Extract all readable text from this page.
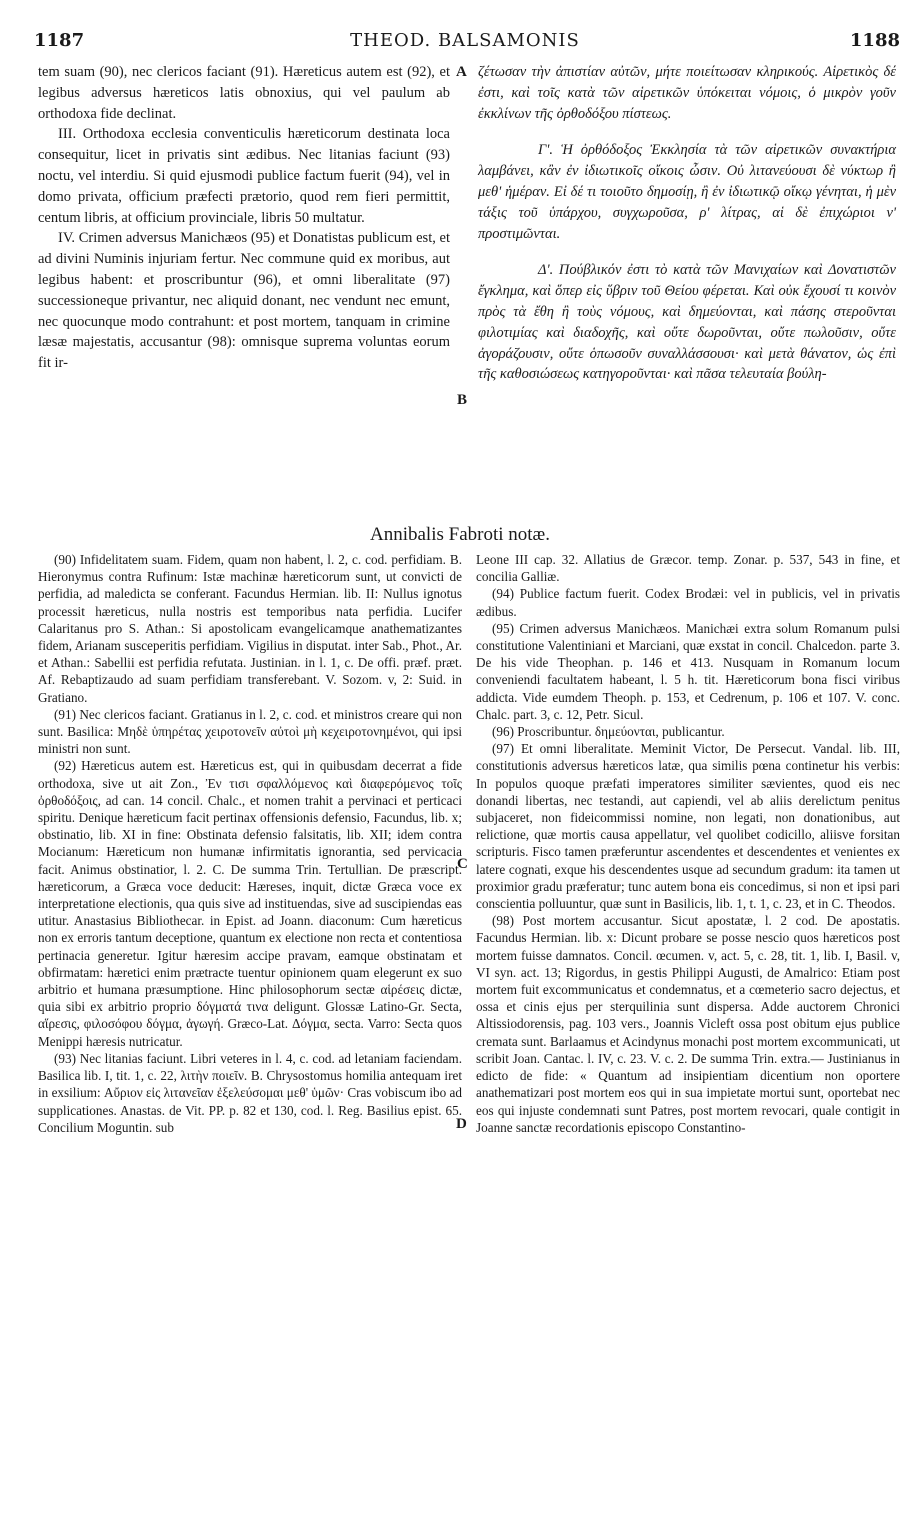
1187	THEOD. BALSAMONIS	1188

tem suam (90), nec clericos faciant (91). Hæreticus autem est (92), et legibus adversus hæreticos latis obnoxius, qui vel paulum ab orthodoxa fide declinat.

III. Orthodoxa ecclesia conventiculis hæreticorum destinata loca consequitur, licet in privatis sint ædibus. Nec litanias faciunt (93) noctu, vel interdiu. Si quid ejusmodi publice factum fuerit (94), vel in domo privata, officium præfecti prætorio, quod rem fieri permittit, centum libris, at officium provinciale, libris 50 multatur.

IV. Crimen adversus Manichæos (95) et Donatistas publicum est, et ad divini Numinis injuriam fertur. Nec commune quid ex moribus, aut legibus habent: et proscribuntur (96), et omni liberalitate (97) successioneque privantur, nec aliquid donant, nec vendunt nec emunt, nec quocunque modo contrahunt: et post mortem, tanquam in crimine læsæ majestatis, accusantur (98): omnisque suprema voluntas eorum fit ir-

ζέτωσαν τὴν ἀπιστίαν αὐτῶν, μήτε ποιείτωσαν κληρικούς. Αἱρετικὸς δέ ἐστι, καὶ τοῖς κατὰ τῶν αἱρετικῶν ὑπόκειται νόμοις, ὁ μικρὸν γοῦν ἐκκλίνων τῆς ὀρθοδόξου πίστεως.

Γ'. Ἡ ὀρθόδοξος Ἐκκλησία τὰ τῶν αἱρετικῶν συνακτήρια λαμβάνει, κἂν ἐν ἰδιωτικοῖς οἴκοις ὦσιν. Οὐ λιτανεύουσι δὲ νύκτωρ ἢ μεθ' ἡμέραν. Εἰ δέ τι τοιοῦτο δημοσίῃ, ἢ ἐν ἰδιωτικῷ οἴκῳ γένηται, ἡ μὲν τάξις τοῦ ὑπάρχου, συγχωροῦσα, ρ' λίτρας, αἱ δὲ ἐπιχώριοι ν' προστιμῶνται.

Δ'. Πούβλικόν ἐστι τὸ κατὰ τῶν Μανιχαίων καὶ Δονατιστῶν ἔγκλημα, καὶ ὅπερ εἰς ὕβριν τοῦ Θείου φέρεται. Καὶ οὐκ ἔχουσί τι κοινὸν πρὸς τὰ ἔθη ἢ τοὺς νόμους, καὶ δημεύονται, καὶ πάσης στεροῦνται φιλοτιμίας καὶ διαδοχῆς, καὶ οὔτε δωροῦνται, οὔτε πωλοῦσιν, οὔτε ἀγοράζουσιν, οὔτε ὁπωσοῦν συναλλάσσουσι· καὶ μετὰ θάνατον, ὡς ἐπὶ τῆς καθοσιώσεως κατηγοροῦνται· καὶ πᾶσα τελευταία βούλη-

A
B
C
D
Annibalis Fabroti notæ.

(90) Infidelitatem suam. Fidem, quam non habent, l. 2, c. cod. perfidiam. B. Hieronymus contra Rufinum: Istæ machinæ hæreticorum sunt, ut convicti de perfidia, ad maledicta se conferant. Facundus Hermian. lib. II: Nullus ignotus processit hæreticus, nulla nostris est temporibus nata perfidia. Lucifer Calaritanus pro S. Athan.: Si apostolicam evangelicamque anathematizantes fidem, Arianam susceperitis perfidiam. Vigilius in disputat. inter Sab., Phot., Ar. et Athan.: Sabellii est perfidia refutata. Justinian. in l. 1, c. De offi. præf. præt. Af. Rebaptizaudo ad suam perfidiam transferebant. V. Sozom. v, 2: Suid. in Gratiano.

(91) Nec clericos faciant. Gratianus in l. 2, c. cod. et ministros creare qui non sunt. Basilica: Μηδὲ ὑπηρέτας χειροτονεῖν αὐτοὶ μὴ κεχειροτονημένοι, qui ipsi ministri non sunt.

(92) Hæreticus autem est. Hæreticus est, qui in quibusdam decerrat a fide orthodoxa, sive ut ait Zon., Ἐν τισι σφαλλόμενος καὶ διαφερόμενος τοῖς ὀρθοδόξοις, ad can. 14 concil. Chalc., et nomen trahit a pervinaci et perticaci spiritu. Denique hæreticum facit pertinax offensionis defensio, Facundus, lib. x; obstinatio, lib. XI in fine: Obstinata defensio falsitatis, lib. XII; idem contra Mocianum: Hæreticum non humanæ infirmitatis ignorantia, sed pervicacia facit. Animus obstinatior, l. 2. C. De summa Trin. Tertullian. De præscript. hæreticorum, a Græca voce deducit: Hæreses, inquit, dictæ Græca voce ex interpretatione electionis, qua quis sive ad instituendas, sive ad suscipiendas eas utitur. Anastasius Bibliothecar. in Epist. ad Joann. diaconum: Cum hæreticus non ex erroris tantum deceptione, quantum ex electione non recta et contentiosa pertinacia generetur. Igitur hæresim accipe pravam, eamque obstinatam et obfirmatam: hæretici enim prætracte tuentur opinionem quam elegerunt ex suo arbitrio et humana præsumptione. Hinc philosophorum sectæ αἱρέσεις dictæ, quia sibi ex arbitrio proprio δόγματά τινα deligunt. Glossæ Latino-Gr. Secta, αἵρεσις, φιλοσόφου δόγμα, ἀγωγή. Græco-Lat. Δόγμα, secta. Varro: Secta quos Menippi hæresis nutricatur.

(93) Nec litanias faciunt. Libri veteres in l. 4, c. cod. ad letaniam faciendam. Basilica lib. I, tit. 1, c. 22, λιτὴν ποιεῖν. B. Chrysostomus homilia antequam iret in exsilium: Αὔριον εἰς λιτανεῖαν ἐξελεύσομαι μεθ' ὑμῶν· Cras vobiscum ibo ad supplicationes. Anastas. de Vit. PP. p. 82 et 130, cod. l. Reg. Basilius epist. 65. Concilium Moguntin. sub

Leone III cap. 32. Allatius de Græcor. temp. Zonar. p. 537, 543 in fine, et concilia Galliæ.

(94) Publice factum fuerit. Codex Brodæi: vel in publicis, vel in privatis ædibus.

(95) Crimen adversus Manichæos. Manichæi extra solum Romanum pulsi constitutione Valentiniani et Marciani, quæ exstat in concil. Chalcedon. parte 3. De his vide Theophan. p. 146 et 413. Nusquam in Romanum locum conveniendi facultatem habeant, l. 5 h. tit. Hæreticorum bona fisci viribus addicta. Vide eumdem Theoph. p. 153, et Cedrenum, p. 106 et 107. V. conc. Chalc. part. 3, c. 12, Petr. Sicul.

(96) Proscribuntur. δημεύονται, publicantur.

(97) Et omni liberalitate. Meminit Victor, De Persecut. Vandal. lib. III, constitutionis adversus hæreticos latæ, qua similis pœna continetur his verbis: In populos quoque præfati imperatores similiter sævientes, quod eis nec donandi libertas, nec testandi, aut capiendi, vel ab aliis derelictum penitus subjaceret, non fideicommissi nomine, non legati, non donationibus, aut relictione, quæ mortis causa appellatur, vel quolibet codicillo, aliisve forsitan scripturis. Fisco tamen præferuntur ascendentes et descendentes et venientes ex latere cognati, exque his descendentes usque ad secundum gradum: ita tamen ut proximior gradu præferatur; tunc autem bona eis concedimus, si non et ipsi pari conscientia polluuntur, quæ sunt in Basilicis, lib. 1, t. 1, c. 23, et in C. Theodos.

(98) Post mortem accusantur. Sicut apostatæ, l. 2 cod. De apostatis. Facundus Hermian. lib. x: Dicunt probare se posse nescio quos hæreticos post mortem fuisse damnatos. Concil. œcumen. v, act. 5, c. 28, tit. 1, lib. I, Basil. v, VI syn. act. 13; Rigordus, in gestis Philippi Augusti, de Amalrico: Etiam post mortem fuit excommunicatus et condemnatus, et a cœmeterio sacro dejectus, et ossa et cinis ejus per sterquilinia sunt dispersa. Adde auctorem Chronici Altissiodorensis, pag. 103 vers., Joannis Vicleft ossa post obitum ejus publice cremata sunt. Barlaamus et Acindynus monachi post mortem excommunicati, ut scribit Joan. Cantac. l. IV, c. 23. V. c. 2. De summa Trin. extra.— Justinianus in edicto de fide: « Quantum ad insipientiam dicentium non oportere anathematizari post mortem eos qui in sua impietate mortui sunt, oportebat nec eos qui injuste condemnati sunt Patres, post mortem revocari, quale contigit in Joanne sanctæ recordationis episcopo Constantino-
